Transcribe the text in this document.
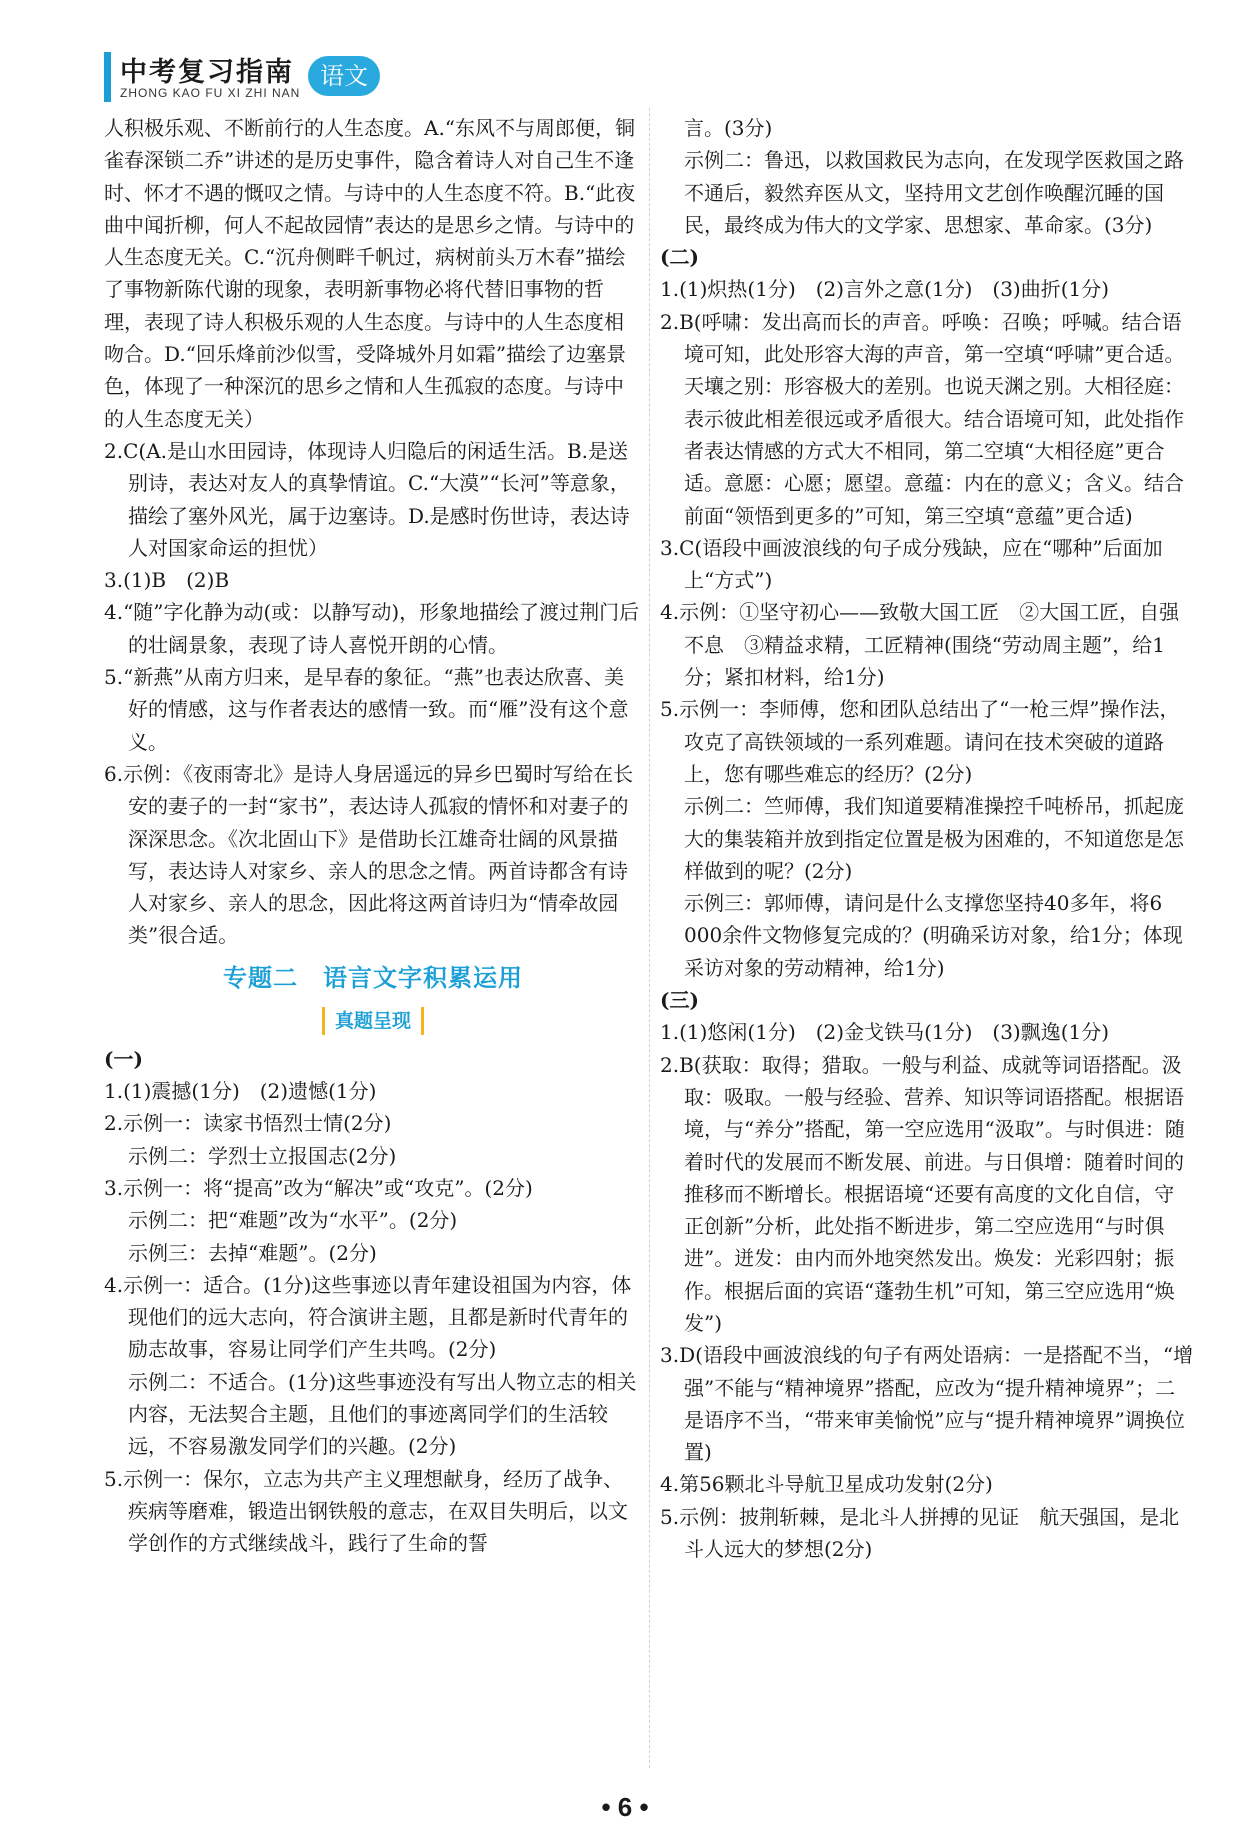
中考复习指南
ZHONG KAO FU XI ZHI NAN
语文

人积极乐观、不断前行的人生态度。A.“东风不与周郎便，铜雀春深锁二乔”讲述的是历史事件，隐含着诗人对自己生不逢时、怀才不遇的慨叹之情。与诗中的人生态度不符。B.“此夜曲中闻折柳，何人不起故园情”表达的是思乡之情。与诗中的人生态度无关。C.“沉舟侧畔千帆过，病树前头万木春”描绘了事物新陈代谢的现象，表明新事物必将代替旧事物的哲理，表现了诗人积极乐观的人生态度。与诗中的人生态度相吻合。D.“回乐烽前沙似雪，受降城外月如霜”描绘了边塞景色，体现了一种深沉的思乡之情和人生孤寂的态度。与诗中的人生态度无关）

2.C(A.是山水田园诗，体现诗人归隐后的闲适生活。B.是送别诗，表达对友人的真挚情谊。C.“大漠”“长河”等意象，描绘了塞外风光，属于边塞诗。D.是感时伤世诗，表达诗人对国家命运的担忧）

3.(1)B　(2)B

4.“随”字化静为动(或：以静写动)，形象地描绘了渡过荆门后的壮阔景象，表现了诗人喜悦开朗的心情。

5.“新燕”从南方归来，是早春的象征。“燕”也表达欣喜、美好的情感，这与作者表达的感情一致。而“雁”没有这个意义。

6.示例：《夜雨寄北》是诗人身居遥远的异乡巴蜀时写给在长安的妻子的一封“家书”，表达诗人孤寂的情怀和对妻子的深深思念。《次北固山下》是借助长江雄奇壮阔的风景描写，表达诗人对家乡、亲人的思念之情。两首诗都含有诗人对家乡、亲人的思念，因此将这两首诗归为“情牵故园类”很合适。

专题二　语言文字积累运用
真题呈现

(一)

1.(1)震撼(1分)　(2)遗憾(1分)

2.示例一：读家书悟烈士情(2分)

示例二：学烈士立报国志(2分)

3.示例一：将“提高”改为“解决”或“攻克”。(2分)

示例二：把“难题”改为“水平”。(2分)

示例三：去掉“难题”。(2分)

4.示例一：适合。(1分)这些事迹以青年建设祖国为内容，体现他们的远大志向，符合演讲主题，且都是新时代青年的励志故事，容易让同学们产生共鸣。(2分)

示例二：不适合。(1分)这些事迹没有写出人物立志的相关内容，无法契合主题，且他们的事迹离同学们的生活较远，不容易激发同学们的兴趣。(2分)

5.示例一：保尔，立志为共产主义理想献身，经历了战争、疾病等磨难，锻造出钢铁般的意志，在双目失明后，以文学创作的方式继续战斗，践行了生命的誓

言。(3分)

示例二：鲁迅，以救国救民为志向，在发现学医救国之路不通后，毅然弃医从文，坚持用文艺创作唤醒沉睡的国民，最终成为伟大的文学家、思想家、革命家。(3分)

(二)

1.(1)炽热(1分)　(2)言外之意(1分)　(3)曲折(1分)

2.B(呼啸：发出高而长的声音。呼唤：召唤；呼喊。结合语境可知，此处形容大海的声音，第一空填“呼啸”更合适。天壤之别：形容极大的差别。也说天渊之别。大相径庭：表示彼此相差很远或矛盾很大。结合语境可知，此处指作者表达情感的方式大不相同，第二空填“大相径庭”更合适。意愿：心愿；愿望。意蕴：内在的意义；含义。结合前面“领悟到更多的”可知，第三空填“意蕴”更合适)

3.C(语段中画波浪线的句子成分残缺，应在“哪种”后面加上“方式”)

4.示例：①坚守初心——致敬大国工匠　②大国工匠，自强不息　③精益求精，工匠精神(围绕“劳动周主题”，给1分；紧扣材料，给1分)

5.示例一：李师傅，您和团队总结出了“一枪三焊”操作法，攻克了高铁领域的一系列难题。请问在技术突破的道路上，您有哪些难忘的经历？(2分)

示例二：竺师傅，我们知道要精准操控千吨桥吊，抓起庞大的集装箱并放到指定位置是极为困难的，不知道您是怎样做到的呢？(2分)

示例三：郭师傅，请问是什么支撑您坚持40多年，将6 000余件文物修复完成的？(明确采访对象，给1分；体现采访对象的劳动精神，给1分)

(三)

1.(1)悠闲(1分)　(2)金戈铁马(1分)　(3)飘逸(1分)

2.B(获取：取得；猎取。一般与利益、成就等词语搭配。汲取：吸取。一般与经验、营养、知识等词语搭配。根据语境，与“养分”搭配，第一空应选用“汲取”。与时俱进：随着时代的发展而不断发展、前进。与日俱增：随着时间的推移而不断增长。根据语境“还要有高度的文化自信，守正创新”分析，此处指不断进步，第二空应选用“与时俱进”。迸发：由内而外地突然发出。焕发：光彩四射；振作。根据后面的宾语“蓬勃生机”可知，第三空应选用“焕发”)

3.D(语段中画波浪线的句子有两处语病：一是搭配不当，“增强”不能与“精神境界”搭配，应改为“提升精神境界”；二是语序不当，“带来审美愉悦”应与“提升精神境界”调换位置)

4.第56颗北斗导航卫星成功发射(2分)

5.示例：披荆斩棘，是北斗人拼搏的见证　航天强国，是北斗人远大的梦想(2分)

• 6 •
